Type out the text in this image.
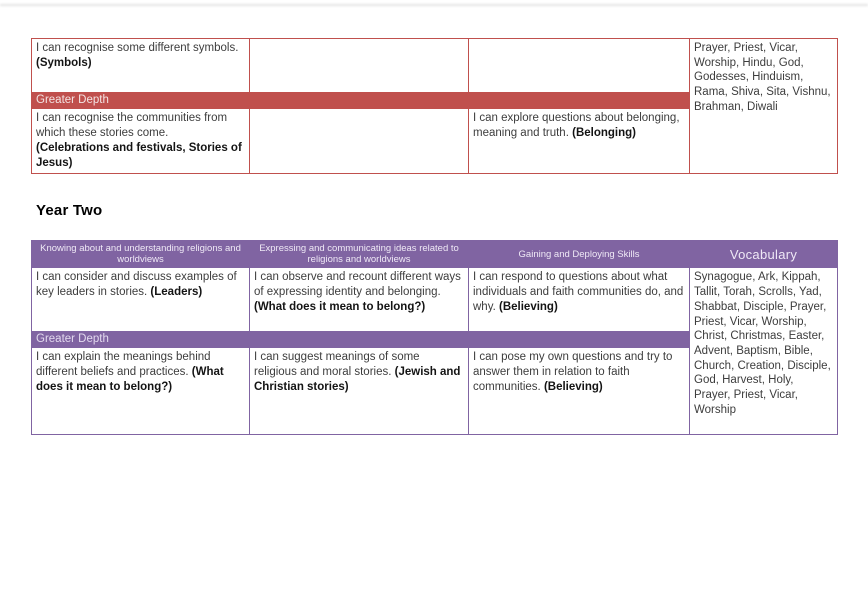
I can recognise some different symbols. (Symbols)			Prayer, Priest, Vicar, Worship, Hindu, God, Godesses, Hinduism, Rama, Shiva, Sita, Vishnu, Brahman, Diwali
Greater Depth			
I can recognise the communities from which these stories come. (Celebrations and festivals, Stories of Jesus)		I can explore questions about belonging, meaning and truth. (Belonging)	
Year Two
Knowing about and understanding religions and worldviews	Expressing and communicating ideas related to religions and worldviews	Gaining and Deploying Skills	Vocabulary
I can consider and discuss examples of key leaders in stories. (Leaders)	I can observe and recount different ways of expressing identity and belonging. (What does it mean to belong?)	I can respond to questions about what individuals and faith communities do, and why. (Believing)	Synagogue, Ark, Kippah, Tallit, Torah, Scrolls, Yad, Shabbat, Disciple, Prayer, Priest, Vicar, Worship, Christ, Christmas, Easter, Advent, Baptism, Bible, Church, Creation, Disciple, God, Harvest, Holy, Prayer, Priest, Vicar, Worship
Greater Depth			
I can explain the meanings behind different beliefs and practices. (What does it mean to belong?)	I can suggest meanings of some religious and moral stories. (Jewish and Christian stories)	I can pose my own questions and try to answer them in relation to faith communities. (Believing)	
